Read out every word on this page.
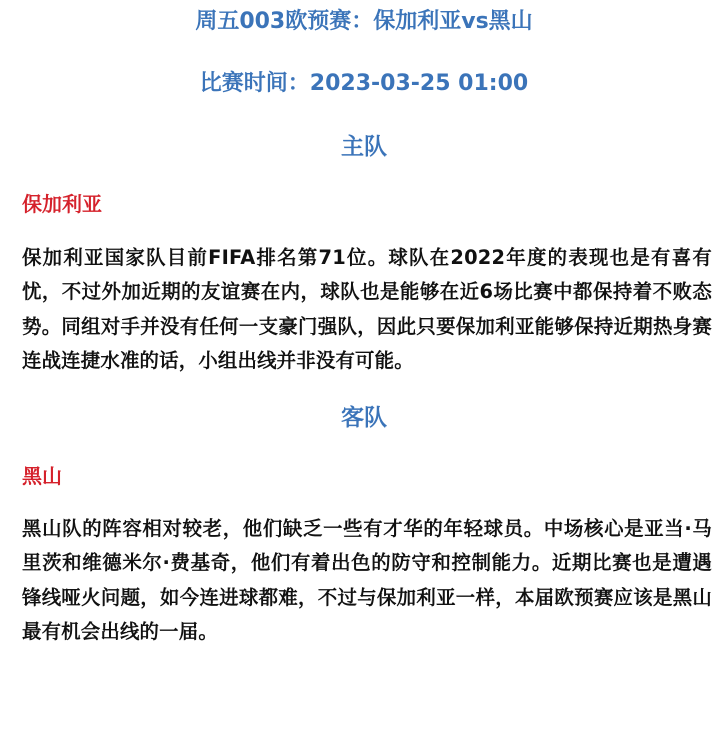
周五003欧预赛：保加利亚vs黑山
比赛时间：2023-03-25 01:00
主队
保加利亚

保加利亚国家队目前FIFA排名第71位。球队在2022年度的表现也是有喜有忧，不过外加近期的友谊赛在内，球队也是能够在近6场比赛中都保持着不败态势。同组对手并没有任何一支豪门强队，因此只要保加利亚能够保持近期热身赛连战连捷水准的话，小组出线并非没有可能。

客队
黑山

黑山队的阵容相对较老，他们缺乏一些有才华的年轻球员。中场核心是亚当·马里茨和维德米尔·费基奇，他们有着出色的防守和控制能力。近期比赛也是遭遇锋线哑火问题，如今连进球都难，不过与保加利亚一样，本届欧预赛应该是黑山最有机会出线的一届。
